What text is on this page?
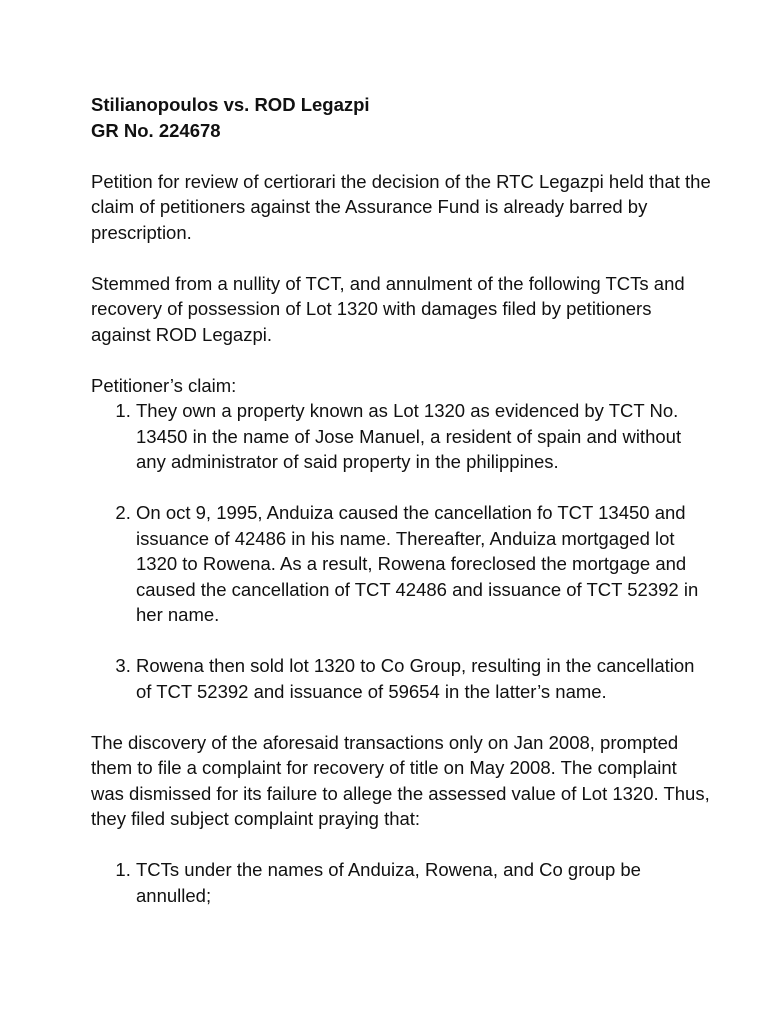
Stilianopoulos vs. ROD Legazpi

GR No. 224678

Petition for review of certiorari the decision of the RTC Legazpi held that the claim of petitioners against the Assurance Fund is already barred by prescription.

Stemmed from a nullity of TCT, and annulment of the following TCTs and recovery of possession of Lot 1320 with damages filed by petitioners against ROD Legazpi.

Petitioner’s claim:

1. They own a property known as Lot 1320 as evidenced by TCT No. 13450 in the name of Jose Manuel, a resident of spain and without any administrator of said property in the philippines.
2. On oct 9, 1995, Anduiza caused the cancellation fo TCT 13450 and issuance of 42486 in his name. Thereafter, Anduiza mortgaged lot 1320 to Rowena. As a result, Rowena foreclosed the mortgage and caused the cancellation of TCT 42486 and issuance of TCT 52392 in her name.
3. Rowena then sold lot 1320 to Co Group, resulting in the cancellation of TCT 52392 and issuance of 59654 in the latter’s name.

The discovery of the aforesaid transactions only on Jan 2008, prompted them to file a complaint for recovery of title on May 2008. The complaint was dismissed for its failure to allege the assessed value of Lot 1320. Thus, they filed subject complaint praying that:

1. TCTs under the names of Anduiza, Rowena, and Co group be annulled;
